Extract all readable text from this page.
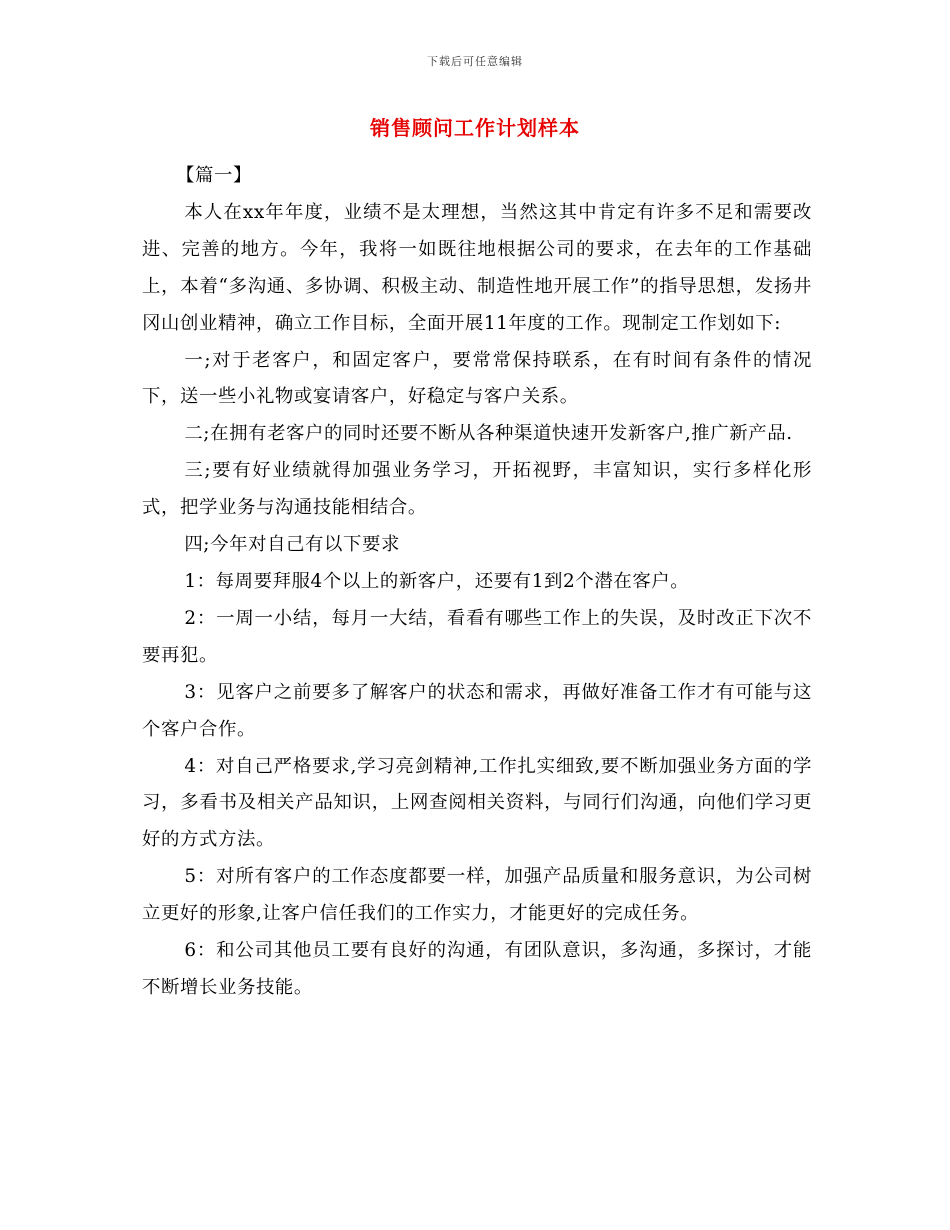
下载后可任意编辑
销售顾问工作计划样本

【篇一】

本人在xx年年度，业绩不是太理想，当然这其中肯定有许多不足和需要改进、完善的地方。今年，我将一如既往地根据公司的要求，在去年的工作基础上，本着“多沟通、多协调、积极主动、制造性地开展工作”的指导思想，发扬井冈山创业精神，确立工作目标，全面开展11年度的工作。现制定工作划如下:

一;对于老客户，和固定客户，要常常保持联系，在有时间有条件的情况下，送一些小礼物或宴请客户，好稳定与客户关系。

二;在拥有老客户的同时还要不断从各种渠道快速开发新客户,推广新产品.

三;要有好业绩就得加强业务学习，开拓视野，丰富知识，实行多样化形式，把学业务与沟通技能相结合。

四;今年对自己有以下要求

1：每周要拜服4个以上的新客户，还要有1到2个潜在客户。

2：一周一小结，每月一大结，看看有哪些工作上的失误，及时改正下次不要再犯。

3：见客户之前要多了解客户的状态和需求，再做好准备工作才有可能与这个客户合作。

4：对自己严格要求,学习亮剑精神,工作扎实细致,要不断加强业务方面的学习，多看书及相关产品知识，上网查阅相关资料，与同行们沟通，向他们学习更好的方式方法。

5：对所有客户的工作态度都要一样，加强产品质量和服务意识，为公司树立更好的形象,让客户信任我们的工作实力，才能更好的完成任务。

6：和公司其他员工要有良好的沟通，有团队意识，多沟通，多探讨，才能不断增长业务技能。
